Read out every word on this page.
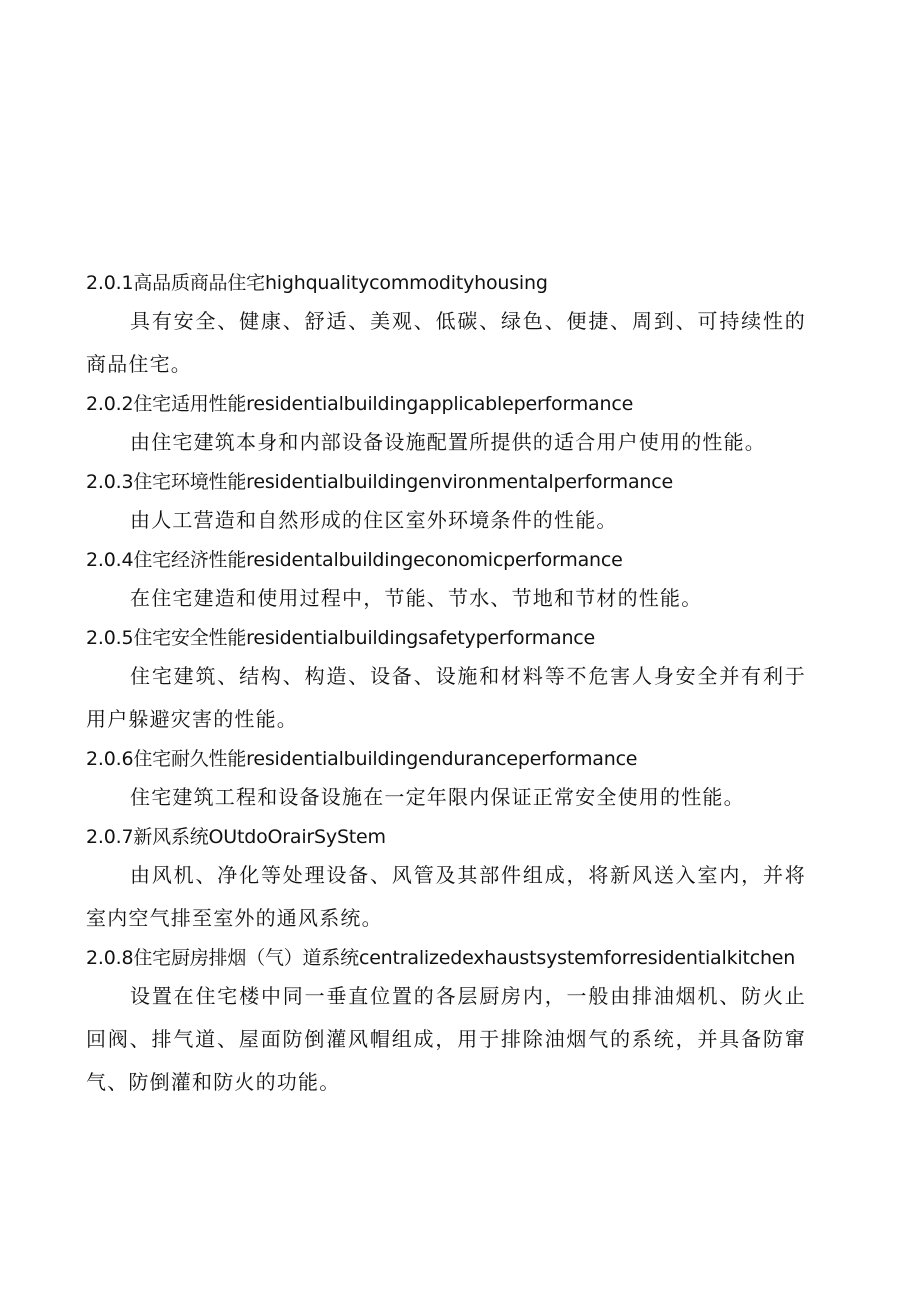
2.0.1高品质商品住宅highqualitycommodityhousing

具有安全、健康、舒适、美观、低碳、绿色、便捷、周到、可持续性的商品住宅。

2.0.2住宅适用性能residentialbuildingapplicableperformance

由住宅建筑本身和内部设备设施配置所提供的适合用户使用的性能。

2.0.3住宅环境性能residentialbuildingenvironmentalperformance

由人工营造和自然形成的住区室外环境条件的性能。

2.0.4住宅经济性能residentalbuildingeconomicperformance

在住宅建造和使用过程中，节能、节水、节地和节材的性能。

2.0.5住宅安全性能residentialbuildingsafetyperformance

住宅建筑、结构、构造、设备、设施和材料等不危害人身安全并有利于用户躲避灾害的性能。

2.0.6住宅耐久性能residentialbuildingenduranceperformance

住宅建筑工程和设备设施在一定年限内保证正常安全使用的性能。

2.0.7新风系统OUtdoOrairSyStem

由风机、净化等处理设备、风管及其部件组成，将新风送入室内，并将室内空气排至室外的通风系统。

2.0.8住宅厨房排烟（气）道系统centralizedexhaustsystemforresidentialkitchen

设置在住宅楼中同一垂直位置的各层厨房内，一般由排油烟机、防火止回阀、排气道、屋面防倒灌风帽组成，用于排除油烟气的系统，并具备防窜气、防倒灌和防火的功能。
